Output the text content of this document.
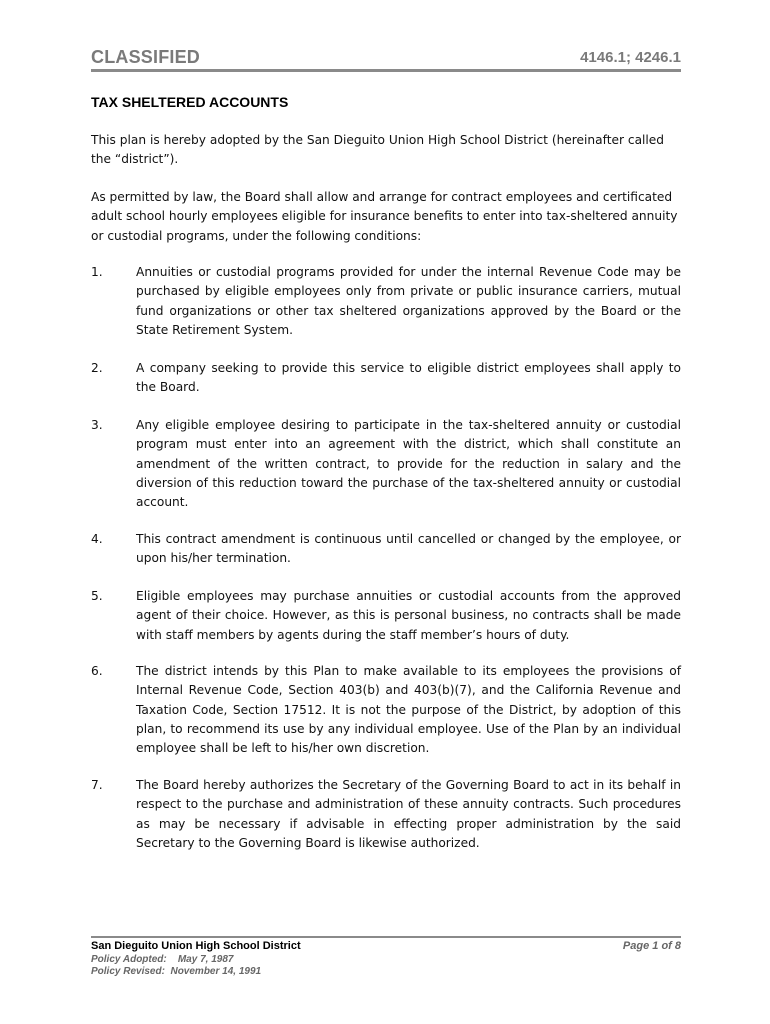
CLASSIFIED	4146.1; 4246.1
TAX SHELTERED ACCOUNTS
This plan is hereby adopted by the San Dieguito Union High School District (hereinafter called the “district”).
As permitted by law, the Board shall allow and arrange for contract employees and certificated adult school hourly employees eligible for insurance benefits to enter into tax-sheltered annuity or custodial programs, under the following conditions:
1.	Annuities or custodial programs provided for under the internal Revenue Code may be purchased by eligible employees only from private or public insurance carriers, mutual fund organizations or other tax sheltered organizations approved by the Board or the State Retirement System.
2.	A company seeking to provide this service to eligible district employees shall apply to the Board.
3.	Any eligible employee desiring to participate in the tax-sheltered annuity or custodial program must enter into an agreement with the district, which shall constitute an amendment of the written contract, to provide for the reduction in salary and the diversion of this reduction toward the purchase of the tax-sheltered annuity or custodial account.
4.	This contract amendment is continuous until cancelled or changed by the employee, or upon his/her termination.
5.	Eligible employees may purchase annuities or custodial accounts from the approved agent of their choice. However, as this is personal business, no contracts shall be made with staff members by agents during the staff member’s hours of duty.
6.	The district intends by this Plan to make available to its employees the provisions of Internal Revenue Code, Section 403(b) and 403(b)(7), and the California Revenue and Taxation Code, Section 17512. It is not the purpose of the District, by adoption of this plan, to recommend its use by any individual employee. Use of the Plan by an individual employee shall be left to his/her own discretion.
7.	The Board hereby authorizes the Secretary of the Governing Board to act in its behalf in respect to the purchase and administration of these annuity contracts. Such procedures as may be necessary if advisable in effecting proper administration by the said Secretary to the Governing Board is likewise authorized.
San Dieguito Union High School District	Page 1 of 8
Policy Adopted:    May 7, 1987
Policy Revised:  November 14, 1991
